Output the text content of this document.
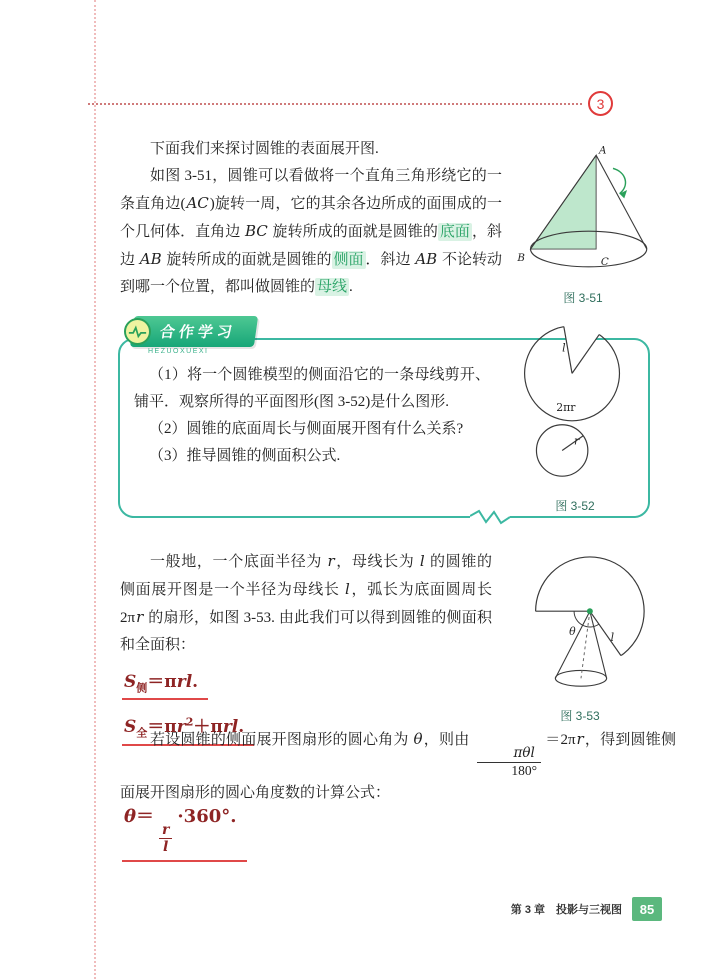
3

下面我们来探讨圆锥的表面展开图.

如图 3-51，圆锥可以看做将一个直角三角形绕它的一条直角边(AC)旋转一周，它的其余各边所成的面围成的一个几何体．直角边 BC 旋转所成的面就是圆锥的 底面 ，斜边 AB 旋转所成的面就是圆锥的 侧面 ．斜边 AB 不论转动到哪一个位置，都叫做圆锥的 母线 .

A
B	C
图 3-51
合作学习
HEZUOXUEXI

（1）将一个圆锥模型的侧面沿它的一条母线剪开、铺平．观察所得的平面图形(图 3-52)是什么图形.

（2）圆锥的底面周长与侧面展开图有什么关系?

（3）推导圆锥的侧面积公式.

l
2πr
r
图 3-52

一般地，一个底面半径为 r，母线长为 l 的圆锥的侧面展开图是一个半径为母线长 l，弧长为底面圆周长 2πr 的扇形，如图 3-53. 由此我们可以得到圆锥的侧面积和全面积：

$S_侧=\pi rl$.
$S_全=\pi r^2+\pi rl$.
θ	l
图 3-53
若设圆锥的侧面展开图扇形的圆心角为 θ，则由
$\frac{\text{πθl}}{180^\circ}$
＝2πr，得到圆锥侧面展开图扇形的圆心角度数的计算公式：
θ＝
$\frac{r}{l}$
·360°.
第 3 章　投影与三视图	85
